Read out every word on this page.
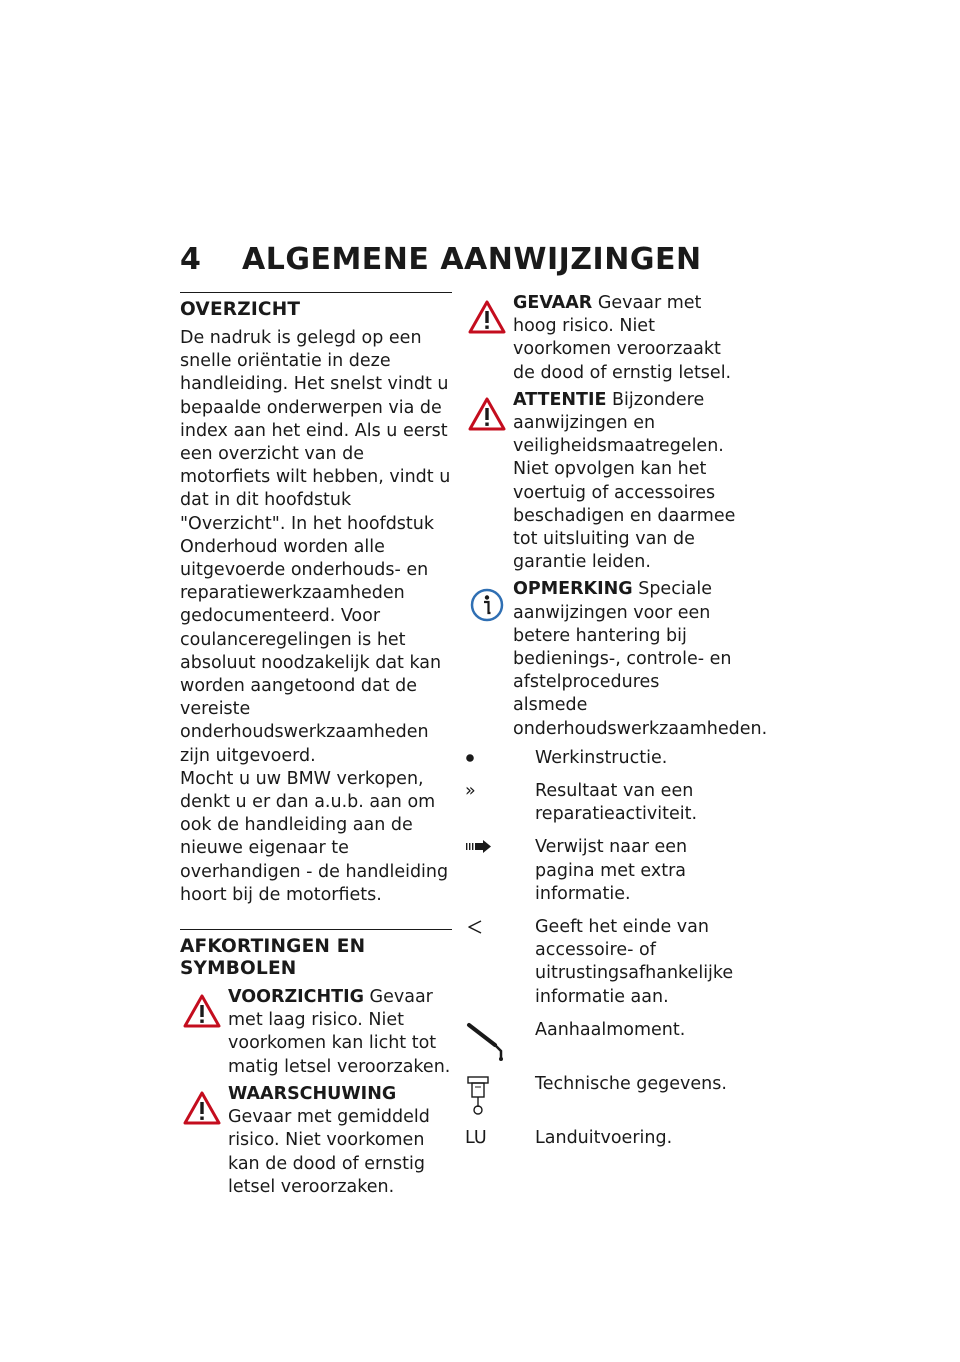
4 ALGEMENE AANWIJZINGEN
OVERZICHT

De nadruk is gelegd op een snelle oriëntatie in deze handleiding. Het snelst vindt u bepaalde onderwerpen via de index aan het eind. Als u eerst een overzicht van de motorfiets wilt hebben, vindt u dat in dit hoofdstuk "Overzicht". In het hoofdstuk Onderhoud worden alle uitgevoerde onderhouds- en reparatiewerkzaamheden gedocumenteerd. Voor coulanceregelingen is het absoluut noodzakelijk dat kan worden aangetoond dat de vereiste onderhoudswerkzaamheden zijn uitgevoerd.

Mocht u uw BMW verkopen, denkt u er dan a.u.b. aan om ook de handleiding aan de nieuwe eigenaar te overhandigen - de handleiding hoort bij de motorfiets.

AFKORTINGEN EN SYMBOLEN
VOORZICHTIG Gevaar met laag risico. Niet voorkomen kan licht tot matig letsel veroorzaken.
WAARSCHUWING Gevaar met gemiddeld risico. Niet voorkomen kan de dood of ernstig letsel veroorzaken.
GEVAAR Gevaar met hoog risico. Niet voorkomen veroorzaakt de dood of ernstig letsel.
ATTENTIE Bijzondere aanwijzingen en veiligheidsmaatregelen. Niet opvolgen kan het voertuig of accessoires beschadigen en daarmee tot uitsluiting van de garantie leiden.
OPMERKING Speciale aanwijzingen voor een betere hantering bij bedienings-, controle- en afstelprocedures alsmede onderhoudswerkzaamheden.
Werkinstructie.
»	Resultaat van een reparatieactiviteit.
Verwijst naar een pagina met extra informatie.
Geeft het einde van accessoire- of uitrustingsafhankelijke informatie aan.
Aanhaalmoment.
Technische gegevens.
LU	Landuitvoering.
